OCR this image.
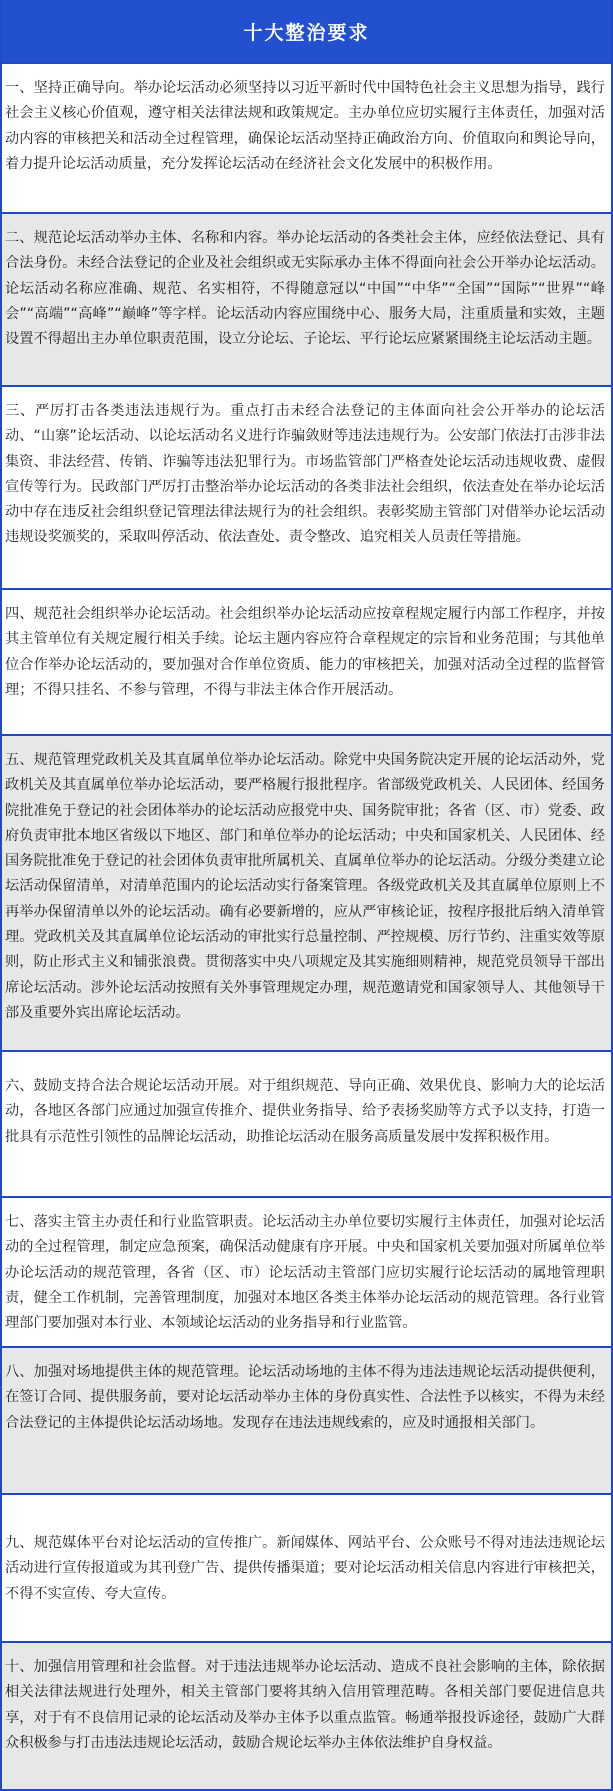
十大整治要求
一、坚持正确导向。举办论坛活动必须坚持以习近平新时代中国特色社会主义思想为指导，践行社会主义核心价值观，遵守相关法律法规和政策规定。主办单位应切实履行主体责任，加强对活动内容的审核把关和活动全过程管理，确保论坛活动坚持正确政治方向、价值取向和舆论导向，着力提升论坛活动质量，充分发挥论坛活动在经济社会文化发展中的积极作用。
二、规范论坛活动举办主体、名称和内容。举办论坛活动的各类社会主体，应经依法登记、具有合法身份。未经合法登记的企业及社会组织或无实际承办主体不得面向社会公开举办论坛活动。论坛活动名称应准确、规范、名实相符，不得随意冠以“中国”“中华”“全国”“国际”“世界”“峰会”“高端”“高峰”“巅峰”等字样。论坛活动内容应围绕中心、服务大局，注重质量和实效，主题设置不得超出主办单位职责范围，设立分论坛、子论坛、平行论坛应紧紧围绕主论坛活动主题。
三、严厉打击各类违法违规行为。重点打击未经合法登记的主体面向社会公开举办的论坛活动、“山寨”论坛活动、以论坛活动名义进行诈骗敛财等违法违规行为。公安部门依法打击涉非法集资、非法经营、传销、诈骗等违法犯罪行为。市场监管部门严格查处论坛活动违规收费、虚假宣传等行为。民政部门严厉打击整治举办论坛活动的各类非法社会组织，依法查处在举办论坛活动中存在违反社会组织登记管理法律法规行为的社会组织。表彰奖励主管部门对借举办论坛活动违规设奖颁奖的，采取叫停活动、依法查处、责令整改、追究相关人员责任等措施。
四、规范社会组织举办论坛活动。社会组织举办论坛活动应按章程规定履行内部工作程序，并按其主管单位有关规定履行相关手续。论坛主题内容应符合章程规定的宗旨和业务范围；与其他单位合作举办论坛活动的，要加强对合作单位资质、能力的审核把关，加强对活动全过程的监督管理；不得只挂名、不参与管理，不得与非法主体合作开展活动。
五、规范管理党政机关及其直属单位举办论坛活动。除党中央国务院决定开展的论坛活动外，党政机关及其直属单位举办论坛活动，要严格履行报批程序。省部级党政机关、人民团体、经国务院批准免于登记的社会团体举办的论坛活动应报党中央、国务院审批；各省（区、市）党委、政府负责审批本地区省级以下地区、部门和单位举办的论坛活动；中央和国家机关、人民团体、经国务院批准免于登记的社会团体负责审批所属机关、直属单位举办的论坛活动。分级分类建立论坛活动保留清单，对清单范围内的论坛活动实行备案管理。各级党政机关及其直属单位原则上不再举办保留清单以外的论坛活动。确有必要新增的，应从严审核论证，按程序报批后纳入清单管理。党政机关及其直属单位论坛活动的审批实行总量控制、严控规模、厉行节约、注重实效等原则，防止形式主义和铺张浪费。贯彻落实中央八项规定及其实施细则精神，规范党员领导干部出席论坛活动。涉外论坛活动按照有关外事管理规定办理，规范邀请党和国家领导人、其他领导干部及重要外宾出席论坛活动。
六、鼓励支持合法合规论坛活动开展。对于组织规范、导向正确、效果优良、影响力大的论坛活动，各地区各部门应通过加强宣传推介、提供业务指导、给予表扬奖励等方式予以支持，打造一批具有示范性引领性的品牌论坛活动，助推论坛活动在服务高质量发展中发挥积极作用。
七、落实主管主办责任和行业监管职责。论坛活动主办单位要切实履行主体责任，加强对论坛活动的全过程管理，制定应急预案，确保活动健康有序开展。中央和国家机关要加强对所属单位举办论坛活动的规范管理，各省（区、市）论坛活动主管部门应切实履行论坛活动的属地管理职责，健全工作机制，完善管理制度，加强对本地区各类主体举办论坛活动的规范管理。各行业管理部门要加强对本行业、本领域论坛活动的业务指导和行业监管。
八、加强对场地提供主体的规范管理。论坛活动场地的主体不得为违法违规论坛活动提供便利，在签订合同、提供服务前，要对论坛活动举办主体的身份真实性、合法性予以核实，不得为未经合法登记的主体提供论坛活动场地。发现存在违法违规线索的，应及时通报相关部门。
九、规范媒体平台对论坛活动的宣传推广。新闻媒体、网站平台、公众账号不得对违法违规论坛活动进行宣传报道或为其刊登广告、提供传播渠道；要对论坛活动相关信息内容进行审核把关，不得不实宣传、夸大宣传。
十、加强信用管理和社会监督。对于违法违规举办论坛活动、造成不良社会影响的主体，除依据相关法律法规进行处理外，相关主管部门要将其纳入信用管理范畴。各相关部门要促进信息共享，对于有不良信用记录的论坛活动及举办主体予以重点监管。畅通举报投诉途径，鼓励广大群众积极参与打击违法违规论坛活动，鼓励合规论坛举办主体依法维护自身权益。
